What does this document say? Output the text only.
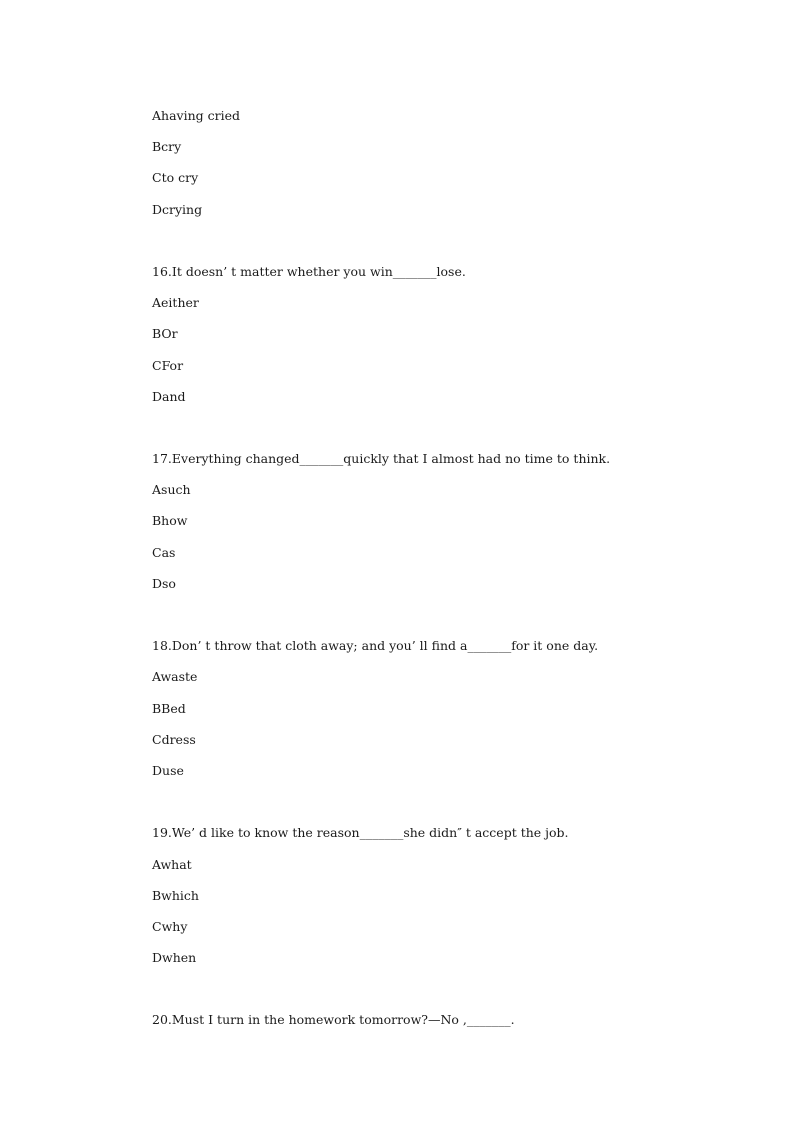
Ahaving cried
Bcry
Cto cry
Dcrying
16.It doesn’ t matter whether you win_______lose.
Aeither
BOr
CFor
Dand
17.Everything changed_______quickly that I almost had no time to think.
Asuch
Bhow
Cas
Dso
18.Don’ t throw that cloth away; and you’ ll find a_______for it one day.
Awaste
BBed
Cdress
Duse
19.We’ d like to know the reason_______she didn″ t accept the job.
Awhat
Bwhich
Cwhy
Dwhen
20.Must I turn in the homework tomorrow?—No ,_______.
